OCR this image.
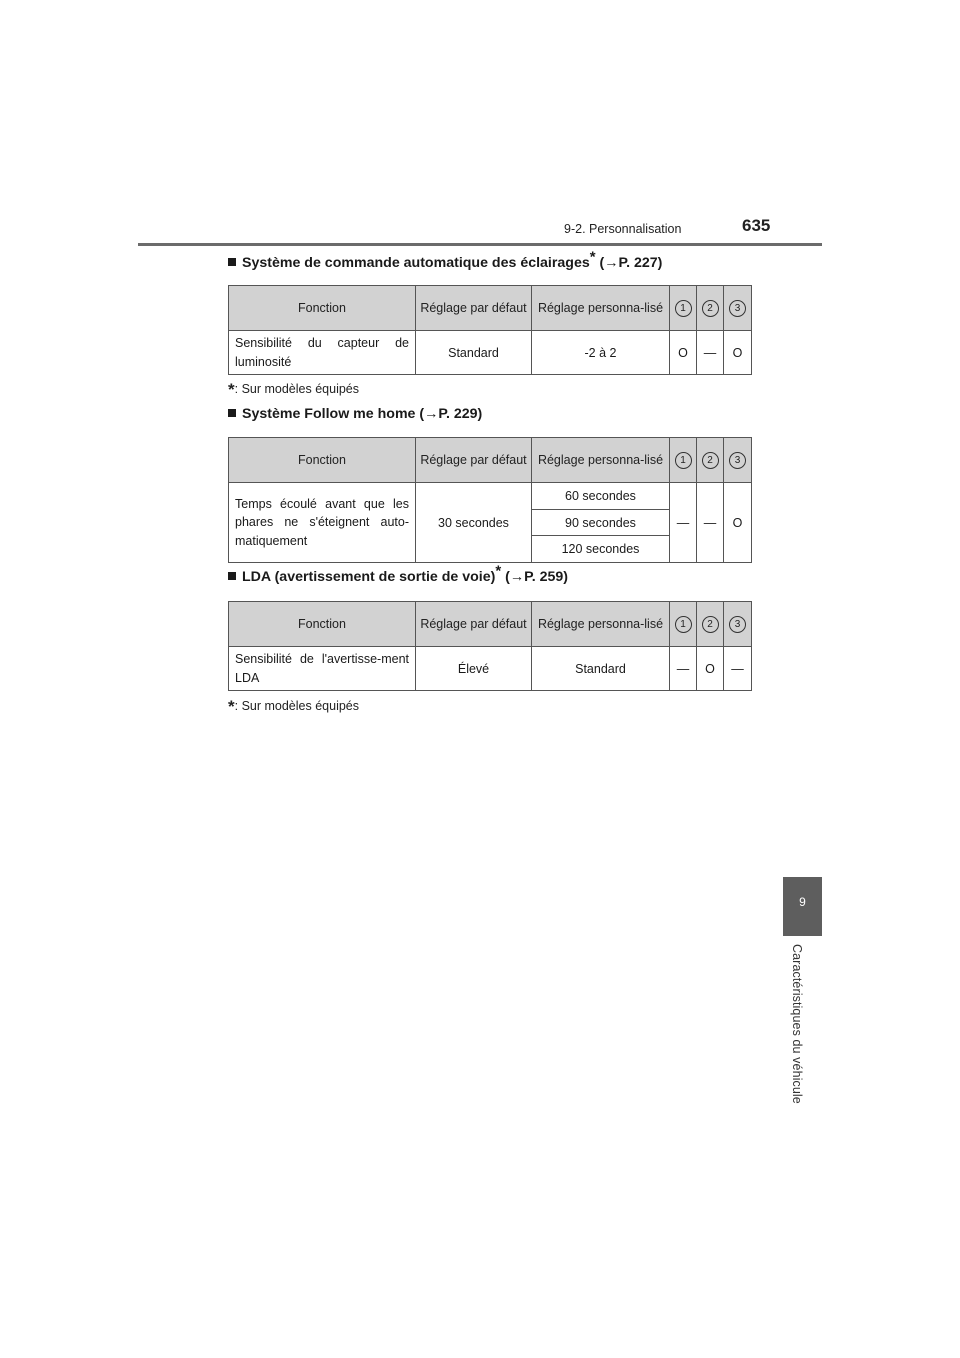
9-2. Personnalisation	635
9
Caractéristiques du véhicule
Système de commande automatique des éclairages* (→P. 227)
Fonction	Réglage par défaut	Réglage personna-lisé	1	2	3
Sensibilité du capteur de luminosité	Standard	-2 à 2	O	—	O
*: Sur modèles équipés
Système Follow me home (→P. 229)
Fonction	Réglage par défaut	Réglage personna-lisé	1	2	3
Temps écoulé avant que les phares ne s'éteignent auto-matiquement	30 secondes	60 secondes	—	—	O
		90 secondes			
		120 secondes			
LDA (avertissement de sortie de voie)* (→P. 259)
Fonction	Réglage par défaut	Réglage personna-lisé	1	2	3
Sensibilité de l'avertisse-ment LDA	Élevé	Standard	—	O	—
*: Sur modèles équipés
